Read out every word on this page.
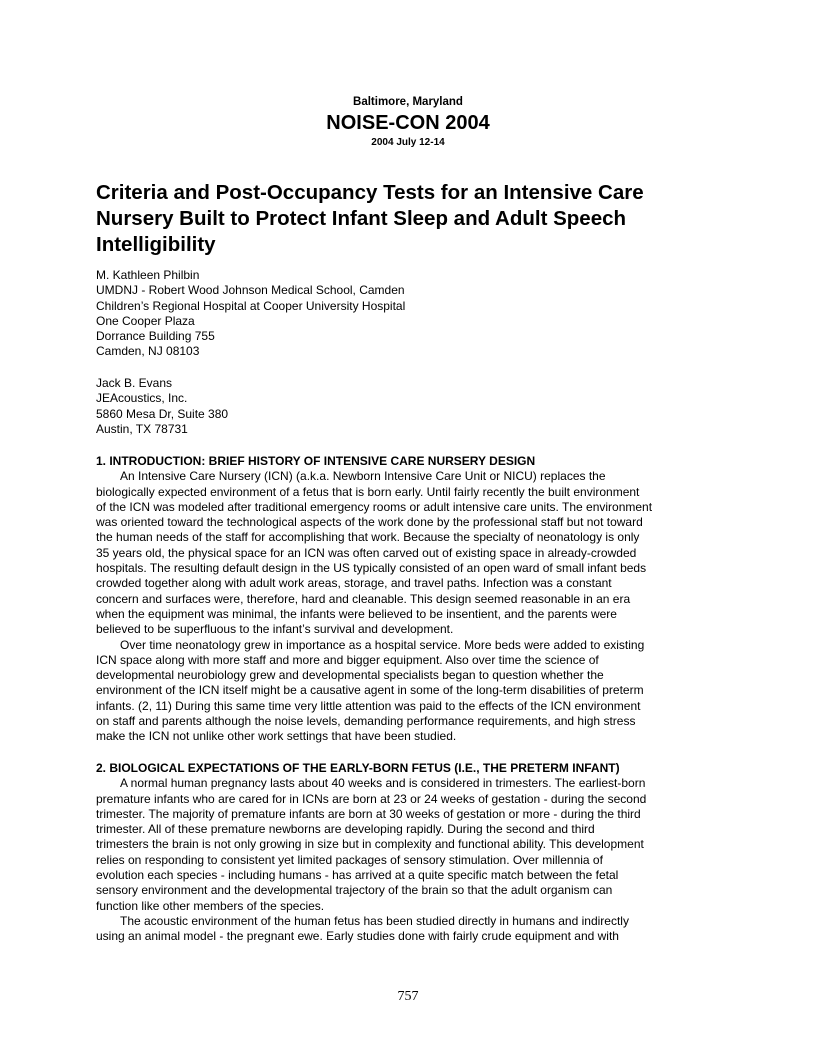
Baltimore, Maryland
NOISE-CON 2004
2004 July 12-14
Criteria and Post-Occupancy Tests for an Intensive Care
Nursery Built to Protect Infant Sleep and Adult Speech
Intelligibility
M. Kathleen Philbin
UMDNJ - Robert Wood Johnson Medical School, Camden
Children’s Regional Hospital at Cooper University Hospital
One Cooper Plaza
Dorrance Building 755
Camden, NJ 08103
Jack B. Evans
JEAcoustics, Inc.
5860 Mesa Dr, Suite 380
Austin, TX 78731
1. INTRODUCTION: BRIEF HISTORY OF INTENSIVE CARE NURSERY DESIGN
An Intensive Care Nursery (ICN) (a.k.a. Newborn Intensive Care Unit or NICU) replaces the
biologically expected environment of a fetus that is born early. Until fairly recently the built environment
of the ICN was modeled after traditional emergency rooms or adult intensive care units. The environment
was oriented toward the technological aspects of the work done by the professional staff but not toward
the human needs of the staff for accomplishing that work. Because the specialty of neonatology is only
35 years old, the physical space for an ICN was often carved out of existing space in already-crowded
hospitals. The resulting default design in the US typically consisted of an open ward of small infant beds
crowded together along with adult work areas, storage, and travel paths. Infection was a constant
concern and surfaces were, therefore, hard and cleanable. This design seemed reasonable in an era
when the equipment was minimal, the infants were believed to be insentient, and the parents were
believed to be superfluous to the infant’s survival and development.
Over time neonatology grew in importance as a hospital service. More beds were added to existing
ICN space along with more staff and more and bigger equipment. Also over time the science of
developmental neurobiology grew and developmental specialists began to question whether the
environment of the ICN itself might be a causative agent in some of the long-term disabilities of preterm
infants. (2, 11) During this same time very little attention was paid to the effects of the ICN environment
on staff and parents although the noise levels, demanding performance requirements, and high stress
make the ICN not unlike other work settings that have been studied.
2. BIOLOGICAL EXPECTATIONS OF THE EARLY-BORN FETUS (I.E., THE PRETERM INFANT)
A normal human pregnancy lasts about 40 weeks and is considered in trimesters. The earliest-born
premature infants who are cared for in ICNs are born at 23 or 24 weeks of gestation - during the second
trimester. The majority of premature infants are born at 30 weeks of gestation or more - during the third
trimester. All of these premature newborns are developing rapidly. During the second and third
trimesters the brain is not only growing in size but in complexity and functional ability. This development
relies on responding to consistent yet limited packages of sensory stimulation. Over millennia of
evolution each species - including humans - has arrived at a quite specific match between the fetal
sensory environment and the developmental trajectory of the brain so that the adult organism can
function like other members of the species.
The acoustic environment of the human fetus has been studied directly in humans and indirectly
using an animal model - the pregnant ewe. Early studies done with fairly crude equipment and with
757
